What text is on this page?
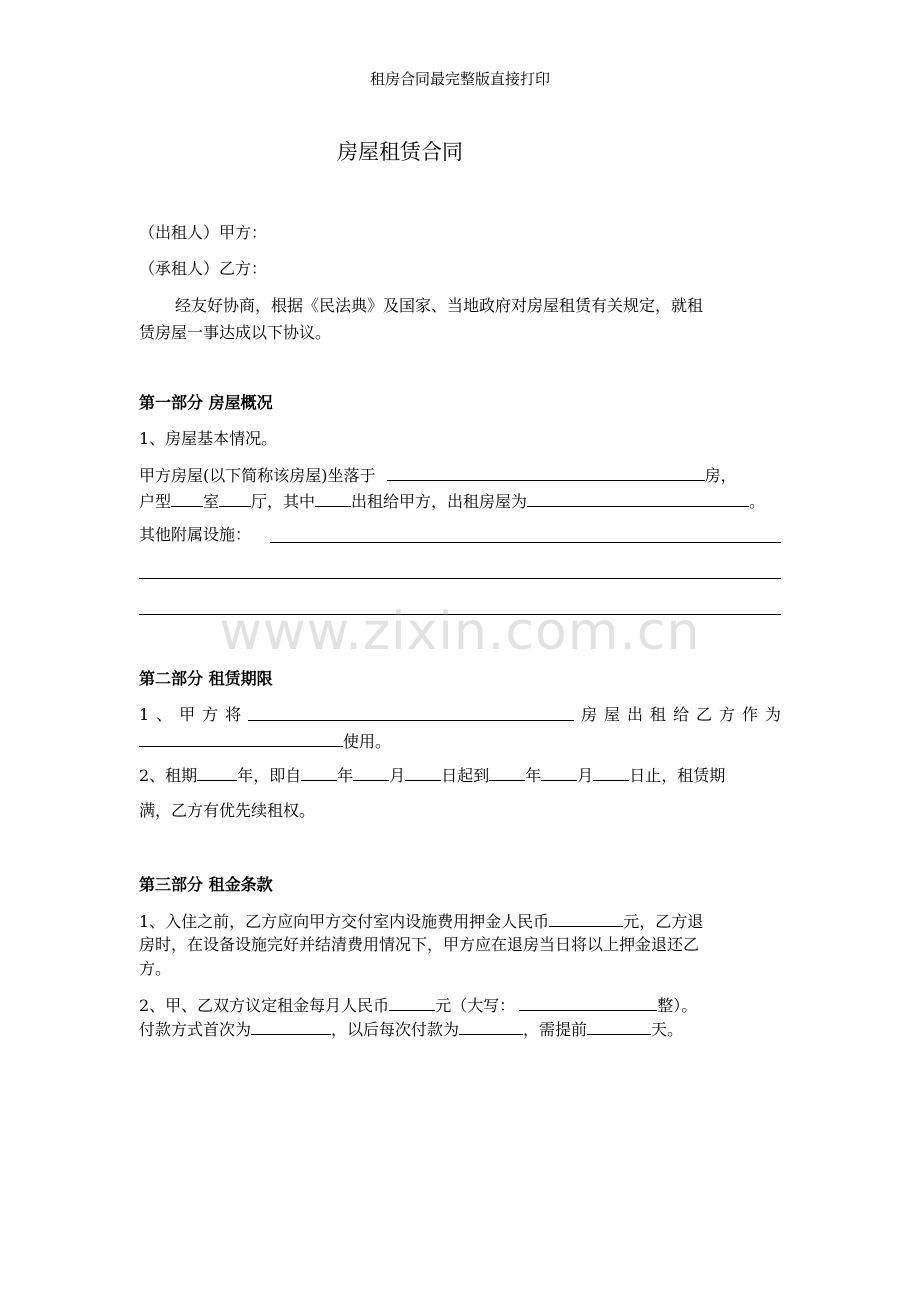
租房合同最完整版直接打印
房屋租赁合同
（出租人）甲方：
（承租人）乙方：
经友好协商，根据《民法典》及国家、当地政府对房屋租赁有关规定，就租
赁房屋一事达成以下协议。
第一部分 房屋概况
1、房屋基本情况。
甲方房屋(以下简称该房屋)坐落于	房，
户型 室 厅，其中 出租给甲方，出租房屋为	。
其他附属设施：
www.zixin.com.cn
第二部分 租赁期限
1 、 甲 方 将	房 屋 出 租 给 乙 方 作 为
使用。
2、租期	年，即自 年 月 日起到 年 月 日止，租赁期
满，乙方有优先续租权。
第三部分 租金条款
1、入住之前，乙方应向甲方交付室内设施费用押金人民币	元，乙方退
房时，在设备设施完好并结清费用情况下，甲方应在退房当日将以上押金退还乙
方。
2、甲、乙双方议定租金每月人民币	元（大写：	整）。
付款方式首次为	，以后每次付款为	，需提前	天。
